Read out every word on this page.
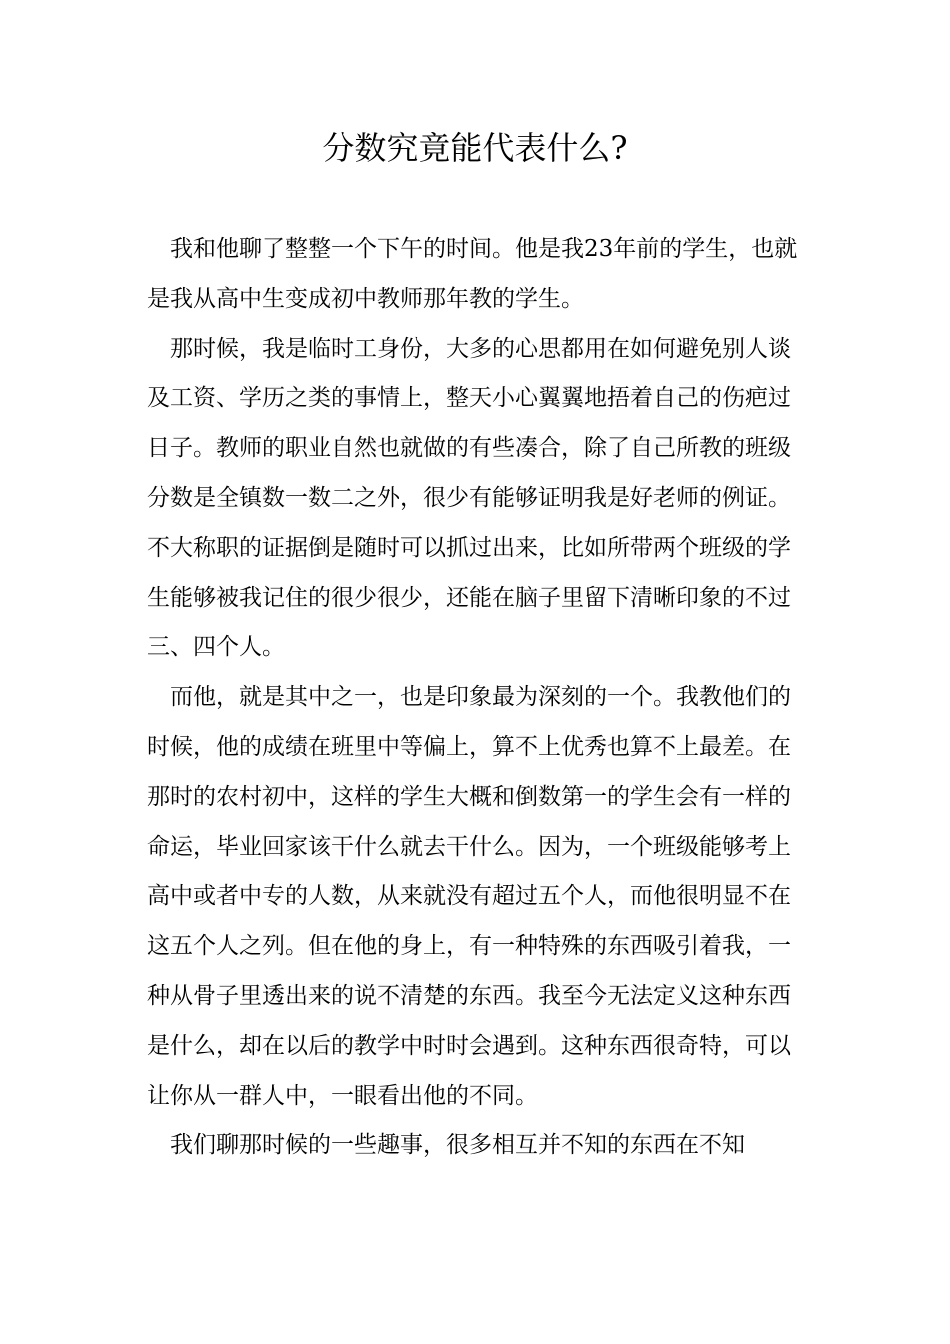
分数究竟能代表什么?

我和他聊了整整一个下午的时间。他是我23年前的学生，也就是我从高中生变成初中教师那年教的学生。

那时候，我是临时工身份，大多的心思都用在如何避免别人谈及工资、学历之类的事情上，整天小心翼翼地捂着自己的伤疤过日子。教师的职业自然也就做的有些凑合，除了自己所教的班级分数是全镇数一数二之外，很少有能够证明我是好老师的例证。不大称职的证据倒是随时可以抓过出来，比如所带两个班级的学生能够被我记住的很少很少，还能在脑子里留下清晰印象的不过三、四个人。

而他，就是其中之一，也是印象最为深刻的一个。我教他们的时候，他的成绩在班里中等偏上，算不上优秀也算不上最差。在那时的农村初中，这样的学生大概和倒数第一的学生会有一样的命运，毕业回家该干什么就去干什么。因为，一个班级能够考上高中或者中专的人数，从来就没有超过五个人，而他很明显不在这五个人之列。但在他的身上，有一种特殊的东西吸引着我，一种从骨子里透出来的说不清楚的东西。我至今无法定义这种东西是什么，却在以后的教学中时时会遇到。这种东西很奇特，可以让你从一群人中，一眼看出他的不同。

我们聊那时候的一些趣事，很多相互并不知的东西在不知
